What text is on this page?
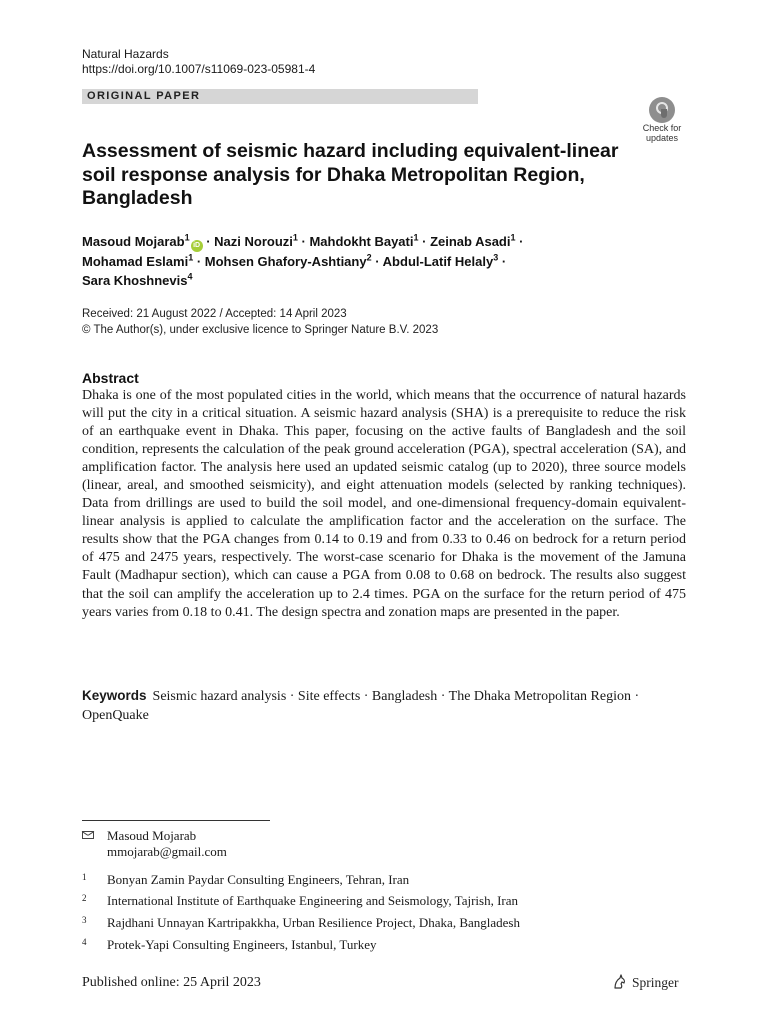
Natural Hazards
https://doi.org/10.1007/s11069-023-05981-4
ORIGINAL PAPER
Check for
updates
Assessment of seismic hazard including equivalent-linear soil response analysis for Dhaka Metropolitan Region, Bangladesh
Masoud Mojarab$^1$iD · Nazi Norouzi$^1$ · Mahdokht Bayati$^1$ · Zeinab Asadi$^1$ ·
Mohamad Eslami$^1$ · Mohsen Ghafory-Ashtiany$^2$ · Abdul-Latif Helaly$^3$ ·
Sara Khoshnevis$^4$
Received: 21 August 2022 / Accepted: 14 April 2023
© The Author(s), under exclusive licence to Springer Nature B.V. 2023
Abstract

Dhaka is one of the most populated cities in the world, which means that the occurrence of natural hazards will put the city in a critical situation. A seismic hazard analysis (SHA) is a prerequisite to reduce the risk of an earthquake event in Dhaka. This paper, focusing on the active faults of Bangladesh and the soil condition, represents the calculation of the peak ground acceleration (PGA), spectral acceleration (SA), and amplification factor. The analysis here used an updated seismic catalog (up to 2020), three source models (linear, areal, and smoothed seismicity), and eight attenuation models (selected by ranking techniques). Data from drillings are used to build the soil model, and one-dimensional frequency-domain equivalent-linear analysis is applied to calculate the amplification factor and the acceleration on the surface. The results show that the PGA changes from 0.14 to 0.19 and from 0.33 to 0.46 on bedrock for a return period of 475 and 2475 years, respectively. The worst-case scenario for Dhaka is the movement of the Jamuna Fault (Madhapur section), which can cause a PGA from 0.08 to 0.68 on bedrock. The results also suggest that the soil can amplify the acceleration up to 2.4 times. PGA on the surface for the return period of 475 years varies from 0.18 to 0.41. The design spectra and zonation maps are presented in the paper.

Keywords Seismic hazard analysis · Site effects · Bangladesh · The Dhaka Metropolitan Region · OpenQuake
Masoud Mojarab
mmojarab@gmail.com
1 Bonyan Zamin Paydar Consulting Engineers, Tehran, Iran
2 International Institute of Earthquake Engineering and Seismology, Tajrish, Iran
3 Rajdhani Unnayan Kartripakkha, Urban Resilience Project, Dhaka, Bangladesh
4 Protek-Yapi Consulting Engineers, Istanbul, Turkey
Published online: 25 April 2023	Springer
